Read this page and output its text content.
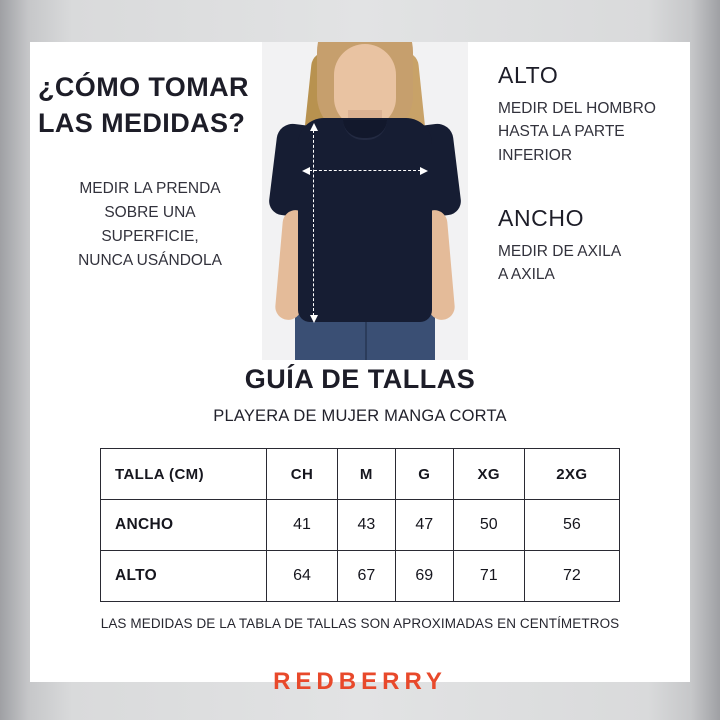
¿CÓMO TOMAR
LAS MEDIDAS?
MEDIR LA PRENDA
SOBRE UNA
SUPERFICIE,
NUNCA USÁNDOLA
ALTO
MEDIR DEL HOMBRO
HASTA LA PARTE
INFERIOR
ANCHO
MEDIR DE AXILA
A AXILA
GUÍA DE TALLAS
PLAYERA DE MUJER MANGA CORTA
TALLA (CM)	CH	M	G	XG	2XG
ANCHO	41	43	47	50	56
ALTO	64	67	69	71	72
LAS MEDIDAS DE LA TABLA DE TALLAS SON APROXIMADAS EN CENTÍMETROS
REDBERRY
